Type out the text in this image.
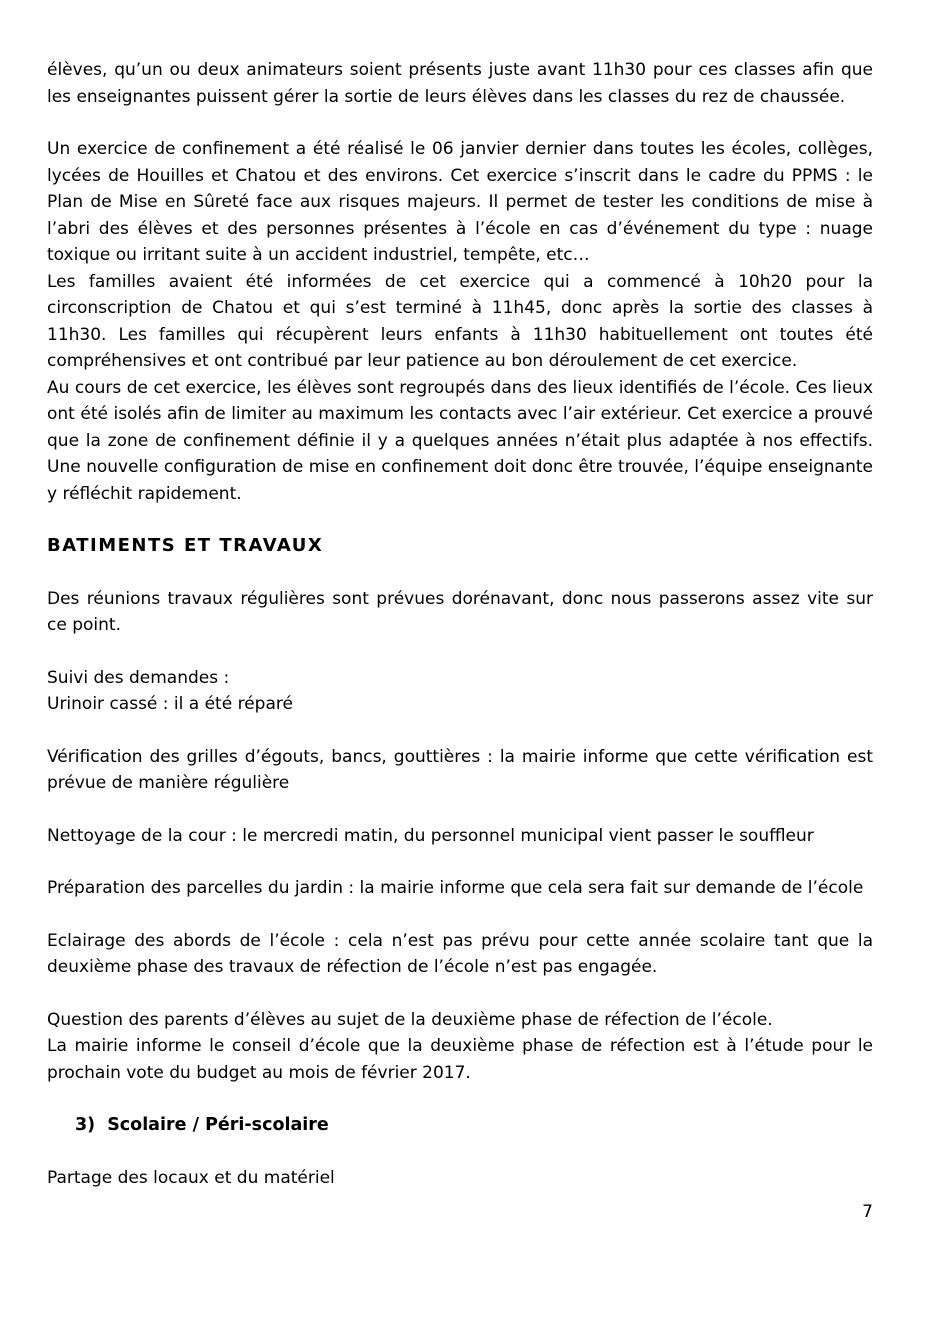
élèves, qu’un ou deux animateurs soient présents juste avant 11h30 pour ces classes afin que les enseignantes puissent gérer la sortie de leurs élèves dans les classes du rez de chaussée.

Un exercice de confinement a été réalisé le 06 janvier dernier dans toutes les écoles, collèges, lycées de Houilles et Chatou et des environs. Cet exercice s’inscrit dans le cadre du PPMS : le Plan de Mise en Sûreté face aux risques majeurs. Il permet de tester les conditions de mise à l’abri des élèves et des personnes présentes à l’école en cas d’événement du type : nuage toxique ou irritant suite à un accident industriel, tempête, etc…

Les familles avaient été informées de cet exercice qui a commencé à 10h20 pour la circonscription de Chatou et qui s’est terminé à 11h45, donc après la sortie des classes à 11h30. Les familles qui récupèrent leurs enfants à 11h30 habituellement ont toutes été compréhensives et ont contribué par leur patience au bon déroulement de cet exercice.

Au cours de cet exercice, les élèves sont regroupés dans des lieux identifiés de l’école. Ces lieux ont été isolés afin de limiter au maximum les contacts avec l’air extérieur. Cet exercice a prouvé que la zone de confinement définie il y a quelques années n’était plus adaptée à nos effectifs. Une nouvelle configuration de mise en confinement doit donc être trouvée, l’équipe enseignante y réfléchit rapidement.

BATIMENTS ET TRAVAUX

Des réunions travaux régulières sont prévues dorénavant, donc nous passerons assez vite sur ce point.

Suivi des demandes :
Urinoir cassé : il a été réparé

Vérification des grilles d’égouts, bancs, gouttières : la mairie informe que cette vérification est prévue de manière régulière

Nettoyage de la cour : le mercredi matin, du personnel municipal vient passer le souffleur

Préparation des parcelles du jardin : la mairie informe que cela sera fait sur demande de l’école

Eclairage des abords de l’école : cela n’est pas prévu pour cette année scolaire tant que la deuxième phase des travaux de réfection de l’école n’est pas engagée.

Question des parents d’élèves au sujet de la deuxième phase de réfection de l’école.

La mairie informe le conseil d’école que la deuxième phase de réfection est à l’étude pour le prochain vote du budget au mois de février 2017.

3) Scolaire / Péri-scolaire

Partage des locaux et du matériel

7
